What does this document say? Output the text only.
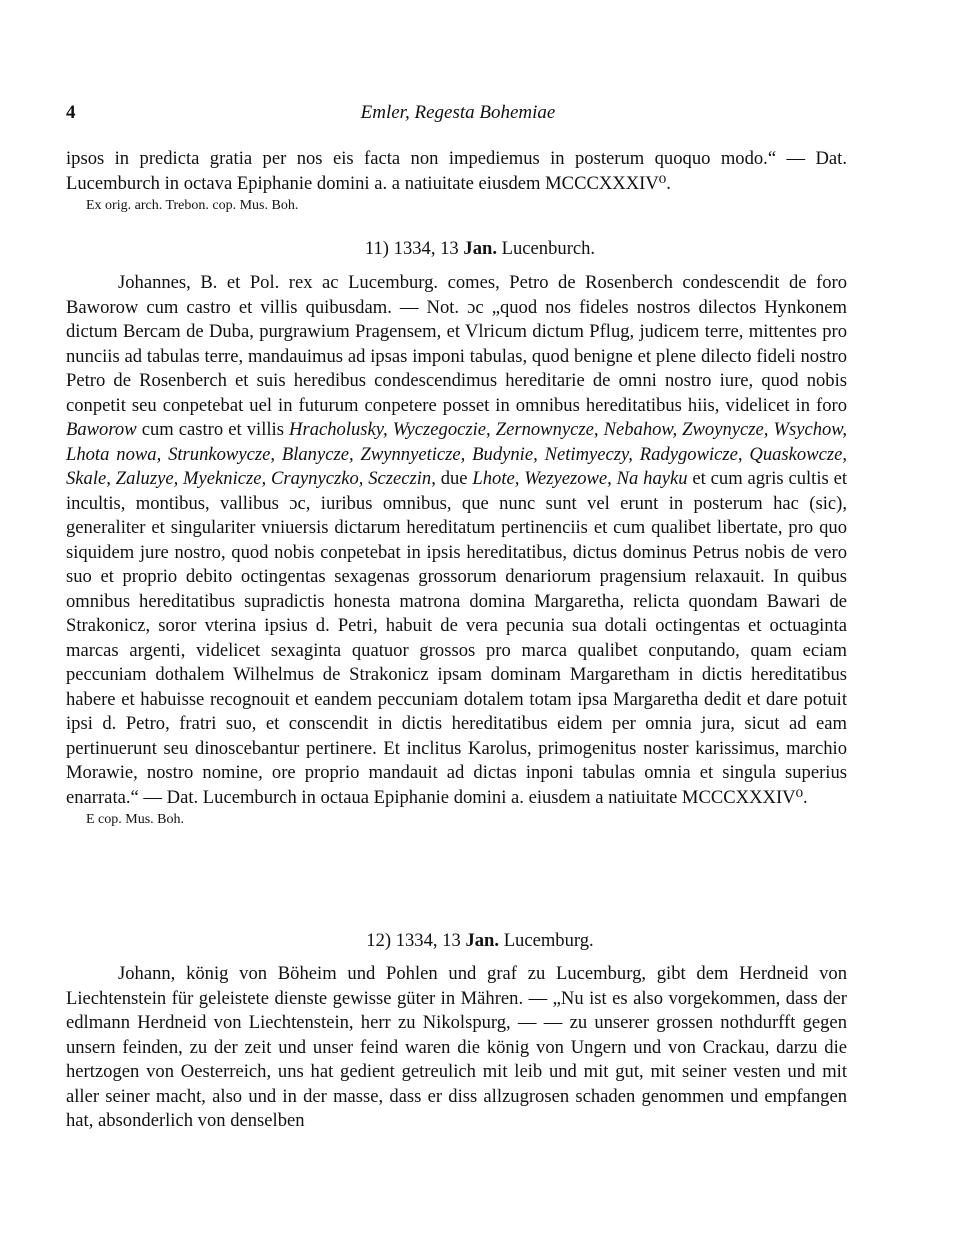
4	Emler, Regesta Bohemiae

ipsos in predicta gratia per nos eis facta non impediemus in posterum quoquo modo.“ — Dat. Lucemburch in octava Epiphanie domini a. a natiuitate eiusdem MCCCXXXIV⁰.

Ex orig. arch. Trebon. cop. Mus. Boh.
11) 1334, 13 Jan. Lucenburch.

Johannes, B. et Pol. rex ac Lucemburg. comes, Petro de Rosenberch condescendit de foro Baworow cum castro et villis quibusdam. — Not. ɔc „quod nos fideles nostros dilectos Hynkonem dictum Bercam de Duba, purgrawium Pragensem, et Vlricum dictum Pflug, judicem terre, mittentes pro nunciis ad tabulas terre, mandauimus ad ipsas imponi tabulas, quod benigne et plene dilecto fideli nostro Petro de Rosenberch et suis heredibus condescendimus hereditarie de omni nostro iure, quod nobis conpetit seu conpetebat uel in futurum conpetere posset in omnibus hereditatibus hiis, videlicet in foro Baworow cum castro et villis Hracholusky, Wyczegoczie, Zernownycze, Nebahow, Zwoynycze, Wsychow, Lhota nowa, Strunkowycze, Blanycze, Zwynnyeticze, Budynie, Netimyeczy, Radygowicze, Quaskowcze, Skale, Zaluzye, Myeknicze, Craynyczko, Sczeczin, due Lhote, Wezyezowe, Na hayku et cum agris cultis et incultis, montibus, vallibus ɔc, iuribus omnibus, que nunc sunt vel erunt in posterum hac (sic), generaliter et singulariter vniuersis dictarum hereditatum pertinenciis et cum qualibet libertate, pro quo siquidem jure nostro, quod nobis conpetebat in ipsis hereditatibus, dictus dominus Petrus nobis de vero suo et proprio debito octingentas sexagenas grossorum denariorum pragensium relaxauit. In quibus omnibus hereditatibus supradictis honesta matrona domina Margaretha, relicta quondam Bawari de Strakonicz, soror vterina ipsius d. Petri, habuit de vera pecunia sua dotali octingentas et octuaginta marcas argenti, videlicet sexaginta quatuor grossos pro marca qualibet conputando, quam eciam peccuniam dothalem Wilhelmus de Strakonicz ipsam dominam Margaretham in dictis hereditatibus habere et habuisse recognouit et eandem peccuniam dotalem totam ipsa Margaretha dedit et dare potuit ipsi d. Petro, fratri suo, et conscendit in dictis hereditatibus eidem per omnia jura, sicut ad eam pertinuerunt seu dinoscebantur pertinere. Et inclitus Karolus, primogenitus noster karissimus, marchio Morawie, nostro nomine, ore proprio mandauit ad dictas inponi tabulas omnia et singula superius enarrata.“ — Dat. Lucemburch in octaua Epiphanie domini a. eiusdem a natiuitate MCCCXXXIV⁰.

E cop. Mus. Boh.
12) 1334, 13 Jan. Lucemburg.

Johann, könig von Böheim und Pohlen und graf zu Lucemburg, gibt dem Herdneid von Liechtenstein für geleistete dienste gewisse güter in Mähren. — „Nu ist es also vorgekommen, dass der edlmann Herdneid von Liechtenstein, herr zu Nikolspurg, — — zu unserer grossen nothdurfft gegen unsern feinden, zu der zeit und unser feind waren die könig von Ungern und von Crackau, darzu die hertzogen von Oesterreich, uns hat gedient getreulich mit leib und mit gut, mit seiner vesten und mit aller seiner macht, also und in der masse, dass er diss allzugrosen schaden genommen und empfangen hat, absonderlich von denselben
